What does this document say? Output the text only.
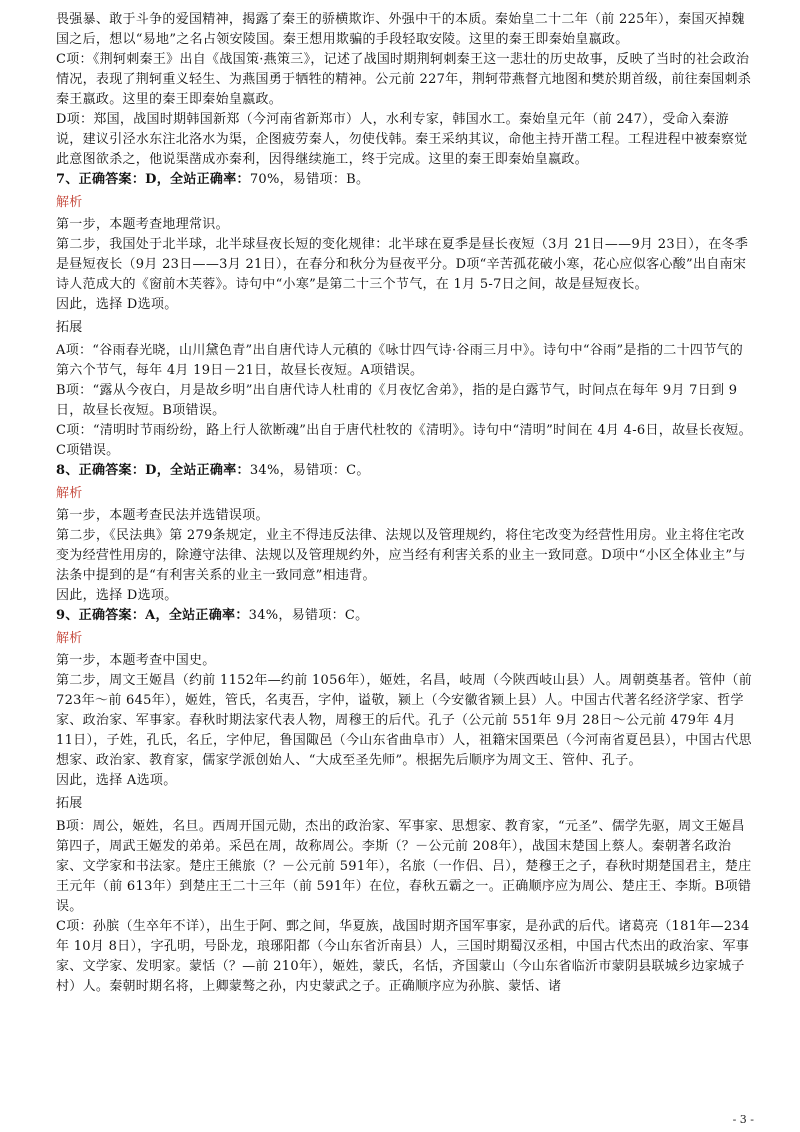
畏强暴、敢于斗争的爱国精神，揭露了秦王的骄横欺诈、外强中干的本质。秦始皇二十二年（前 225年），秦国灭掉魏国之后，想以“易地”之名占领安陵国。秦王想用欺骗的手段轻取安陵。这里的秦王即秦始皇嬴政。

C项：《荆轲刺秦王》出自《战国策·燕策三》，记述了战国时期荆轲刺秦王这一悲壮的历史故事，反映了当时的社会政治情况，表现了荆轲重义轻生、为燕国勇于牺牲的精神。公元前 227年，荆轲带燕督亢地图和樊於期首级，前往秦国刺杀秦王嬴政。这里的秦王即秦始皇嬴政。

D项：郑国，战国时期韩国新郑（今河南省新郑市）人，水利专家，韩国水工。秦始皇元年（前 247），受命入秦游说，建议引泾水东注北洛水为渠，企图疲劳秦人，勿使伐韩。秦王采纳其议，命他主持开凿工程。工程进程中被秦察觉此意图欲杀之，他说渠凿成亦秦利，因得继续施工，终于完成。这里的秦王即秦始皇嬴政。

7、正确答案：D，全站正确率：70%，易错项：B。

解析

第一步，本题考查地理常识。

第二步，我国处于北半球，北半球昼夜长短的变化规律：北半球在夏季是昼长夜短（3月 21日——9月 23日），在冬季是昼短夜长（9月 23日——3月 21日），在春分和秋分为昼夜平分。D项“辛苦孤花破小寒，花心应似客心酸”出自南宋诗人范成大的《窗前木芙蓉》。诗句中“小寒”是第二十三个节气，在 1月 5-7日之间，故是昼短夜长。

因此，选择 D选项。

拓展

A项：“谷雨春光晓，山川黛色青”出自唐代诗人元稹的《咏廿四气诗·谷雨三月中》。诗句中“谷雨”是指的二十四节气的第六个节气，每年 4月 19日－21日，故昼长夜短。A项错误。

B项：“露从今夜白，月是故乡明”出自唐代诗人杜甫的《月夜忆舍弟》，指的是白露节气，时间点在每年 9月 7日到 9日，故昼长夜短。B项错误。

C项：“清明时节雨纷纷，路上行人欲断魂”出自于唐代杜牧的《清明》。诗句中“清明”时间在 4月 4-6日，故昼长夜短。C项错误。

8、正确答案：D，全站正确率：34%，易错项：C。

解析

第一步，本题考查民法并选错误项。

第二步，《民法典》第 279条规定，业主不得违反法律、法规以及管理规约，将住宅改变为经营性用房。业主将住宅改变为经营性用房的，除遵守法律、法规以及管理规约外，应当经有利害关系的业主一致同意。D项中“小区全体业主”与法条中提到的是“有利害关系的业主一致同意”相违背。

因此，选择 D选项。

9、正确答案：A，全站正确率：34%，易错项：C。

解析

第一步，本题考查中国史。

第二步，周文王姬昌（约前 1152年—约前 1056年），姬姓，名昌，岐周（今陕西岐山县）人。周朝奠基者。管仲（前 723年～前 645年），姬姓，管氏，名夷吾，字仲，谥敬，颍上（今安徽省颍上县）人。中国古代著名经济学家、哲学家、政治家、军事家。春秋时期法家代表人物，周穆王的后代。孔子（公元前 551年 9月 28日～公元前 479年 4月 11日），子姓，孔氏，名丘，字仲尼，鲁国陬邑（今山东省曲阜市）人，祖籍宋国栗邑（今河南省夏邑县），中国古代思想家、政治家、教育家，儒家学派创始人、“大成至圣先师”。根据先后顺序为周文王、管仲、孔子。

因此，选择 A选项。

拓展

B项：周公，姬姓，名旦。西周开国元勋，杰出的政治家、军事家、思想家、教育家，“元圣”、儒学先驱，周文王姬昌第四子，周武王姬发的弟弟。采邑在周，故称周公。李斯（？－公元前 208年），战国末楚国上蔡人。秦朝著名政治家、文学家和书法家。楚庄王熊旅（？－公元前 591年），名旅（一作侣、吕），楚穆王之子，春秋时期楚国君主，楚庄王元年（前 613年）到楚庄王二十三年（前 591年）在位，春秋五霸之一。正确顺序应为周公、楚庄王、李斯。B项错误。

C项：孙膑（生卒年不详），出生于阿、鄄之间，华夏族，战国时期齐国军事家，是孙武的后代。诸葛亮（181年—234年 10月 8日），字孔明，号卧龙，琅琊阳都（今山东省沂南县）人，三国时期蜀汉丞相，中国古代杰出的政治家、军事家、文学家、发明家。蒙恬（？—前 210年），姬姓，蒙氏，名恬，齐国蒙山（今山东省临沂市蒙阴县联城乡边家城子村）人。秦朝时期名将，上卿蒙骜之孙，内史蒙武之子。正确顺序应为孙膑、蒙恬、诸

- 3 -
